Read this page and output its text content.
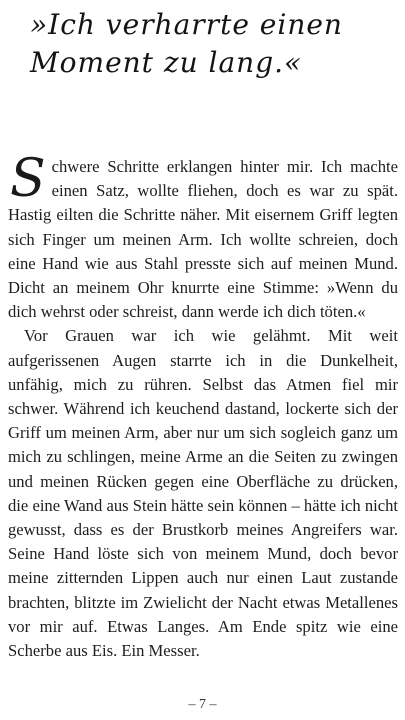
»Ich verharrte einen Moment zu lang.«

Schwere Schritte erklangen hinter mir. Ich machte einen Satz, wollte fliehen, doch es war zu spät. Hastig eilten die Schritte näher. Mit eisernem Griff legten sich Finger um meinen Arm. Ich wollte schreien, doch eine Hand wie aus Stahl presste sich auf meinen Mund. Dicht an meinem Ohr knurrte eine Stimme: »Wenn du dich wehrst oder schreist, dann werde ich dich töten.«

Vor Grauen war ich wie gelähmt. Mit weit aufgerissenen Augen starrte ich in die Dunkelheit, unfähig, mich zu rühren. Selbst das Atmen fiel mir schwer. Während ich keuchend dastand, lockerte sich der Griff um meinen Arm, aber nur um sich sogleich ganz um mich zu schlingen, meine Arme an die Seiten zu zwingen und meinen Rücken gegen eine Oberfläche zu drücken, die eine Wand aus Stein hätte sein können – hätte ich nicht gewusst, dass es der Brustkorb meines Angreifers war. Seine Hand löste sich von meinem Mund, doch bevor meine zitternden Lippen auch nur einen Laut zustande brachten, blitzte im Zwielicht der Nacht etwas Metallenes vor mir auf. Etwas Langes. Am Ende spitz wie eine Scherbe aus Eis. Ein Messer.

– 7 –
